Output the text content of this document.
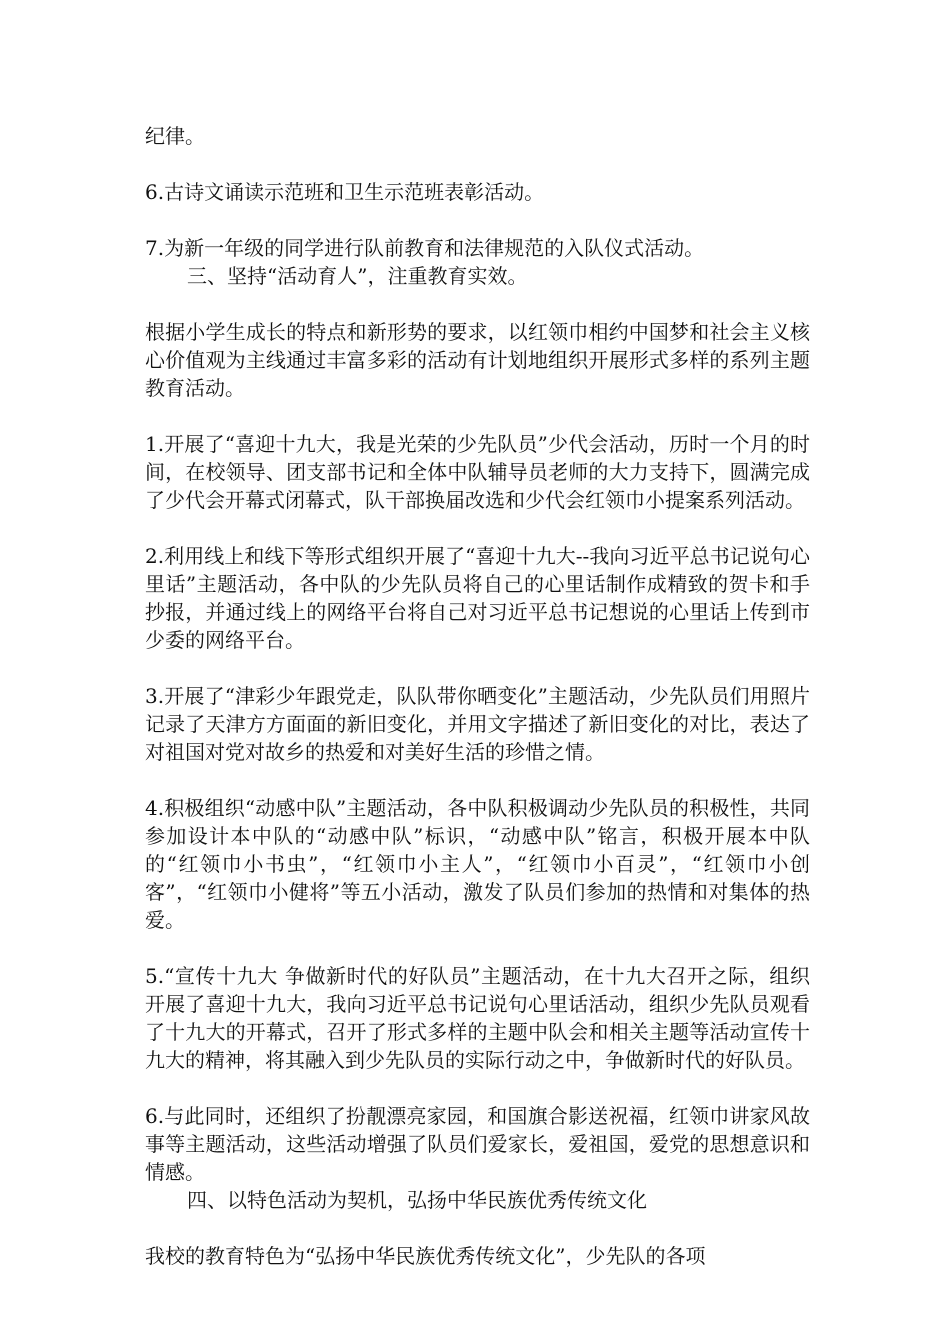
纪律。

6.古诗文诵读示范班和卫生示范班表彰活动。

7.为新一年级的同学进行队前教育和法律规范的入队仪式活动。

三、坚持“活动育人”，注重教育实效。

根据小学生成长的特点和新形势的要求，以红领巾相约中国梦和社会主义核心价值观为主线通过丰富多彩的活动有计划地组织开展形式多样的系列主题教育活动。

1.开展了“喜迎十九大，我是光荣的少先队员”少代会活动，历时一个月的时间，在校领导、团支部书记和全体中队辅导员老师的大力支持下，圆满完成了少代会开幕式闭幕式，队干部换届改选和少代会红领巾小提案系列活动。

2.利用线上和线下等形式组织开展了“喜迎十九大--我向习近平总书记说句心里话”主题活动，各中队的少先队员将自己的心里话制作成精致的贺卡和手抄报，并通过线上的网络平台将自己对习近平总书记想说的心里话上传到市少委的网络平台。

3.开展了“津彩少年跟党走，队队带你晒变化”主题活动，少先队员们用照片记录了天津方方面面的新旧变化，并用文字描述了新旧变化的对比，表达了对祖国对党对故乡的热爱和对美好生活的珍惜之情。

4.积极组织“动感中队”主题活动，各中队积极调动少先队员的积极性，共同参加设计本中队的“动感中队”标识，“动感中队”铭言，积极开展本中队的“红领巾小书虫”，“红领巾小主人”，“红领巾小百灵”，“红领巾小创客”，“红领巾小健将”等五小活动，激发了队员们参加的热情和对集体的热爱。

5.“宣传十九大 争做新时代的好队员”主题活动，在十九大召开之际，组织开展了喜迎十九大，我向习近平总书记说句心里话活动，组织少先队员观看了十九大的开幕式，召开了形式多样的主题中队会和相关主题等活动宣传十九大的精神，将其融入到少先队员的实际行动之中，争做新时代的好队员。

6.与此同时，还组织了扮靓漂亮家园，和国旗合影送祝福，红领巾讲家风故事等主题活动，这些活动增强了队员们爱家长，爱祖国，爱党的思想意识和情感。

四、以特色活动为契机，弘扬中华民族优秀传统文化

我校的教育特色为“弘扬中华民族优秀传统文化”，少先队的各项
